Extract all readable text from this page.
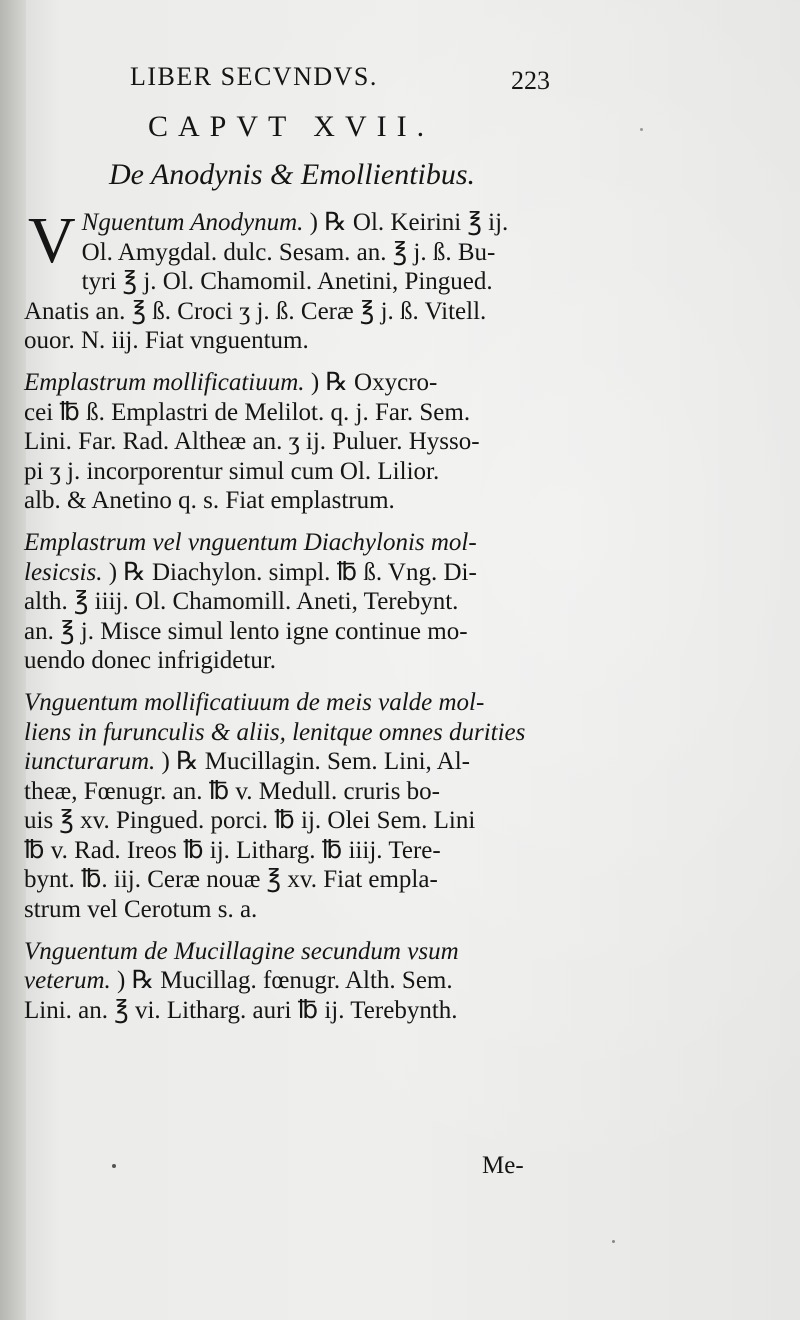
LIBER SECVNDVS.	223
CAPVT XVII.
De Anodynis & Emollientibus.
V Nguentum Anodynum. ) ℞ Ol. Keirini ℥ ij.
Ol. Amygdal. dulc. Sesam. an. ℥ j. ß. Bu-
tyri ℥ j. Ol. Chamomil. Anetini, Pingued.
Anatis an. ℥ ß. Croci ʒ j. ß. Ceræ ℥ j. ß. Vitell.
ouor. N. iij. Fiat vnguentum.
Emplastrum mollificatiuum. ) ℞ Oxycro-
cei ℔ ß. Emplastri de Melilot. q. j. Far. Sem.
Lini. Far. Rad. Altheæ an. ʒ ij. Puluer. Hysso-
pi ʒ j. incorporentur simul cum Ol. Lilior.
alb. & Anetino q. s. Fiat emplastrum.
Emplastrum vel vnguentum Diachylonis mol-
lesicsis. ) ℞ Diachylon. simpl. ℔ ß. Vng. Di-
alth. ℥ iiij. Ol. Chamomill. Aneti, Terebynt.
an. ℥ j. Misce simul lento igne continue mo-
uendo donec infrigidetur.
Vnguentum mollificatiuum de meis valde mol-
liens in furunculis & aliis, lenitque omnes durities
iuncturarum. ) ℞ Mucillagin. Sem. Lini, Al-
theæ, Fœnugr. an. ℔ v. Medull. cruris bo-
uis ℥ xv. Pingued. porci. ℔ ij. Olei Sem. Lini
℔ v. Rad. Ireos ℔ ij. Litharg. ℔ iiij. Tere-
bynt. ℔. iij. Ceræ nouæ ℥ xv. Fiat empla-
strum vel Cerotum s. a.
Vnguentum de Mucillagine secundum vsum
veterum. ) ℞ Mucillag. fœnugr. Alth. Sem.
Lini. an. ℥ vi. Litharg. auri ℔ ij. Terebynth.
Me-
